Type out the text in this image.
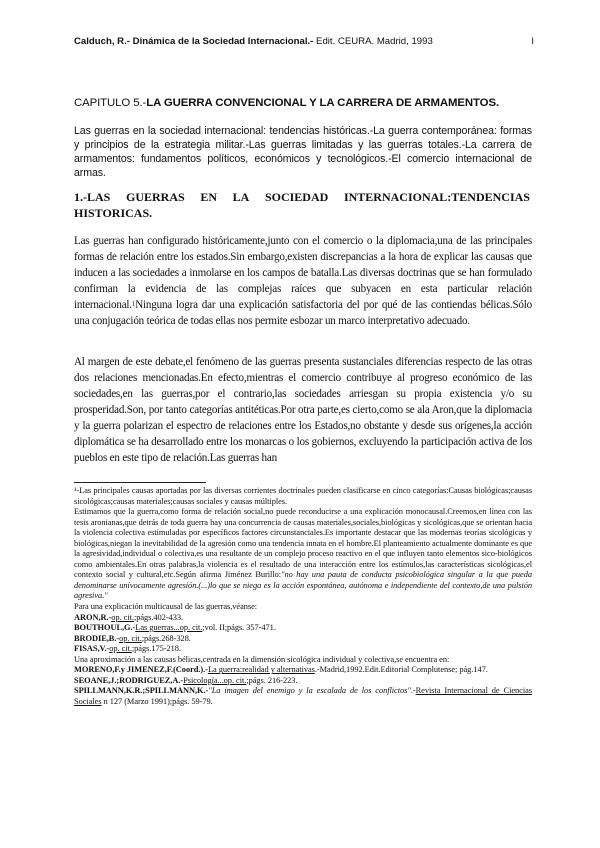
Calduch, R.- Dinámica de la Sociedad Internacional.- Edit. CEURA. Madrid, 1993	I
CAPITULO 5.-LA GUERRA CONVENCIONAL Y LA CARRERA DE ARMAMENTOS.
Las guerras en la sociedad internacional: tendencias históricas.-La guerra contemporánea: formas y principios de la estrategia militar.-Las guerras limitadas y las guerras totales.-La carrera de armamentos: fundamentos políticos, económicos y tecnológicos.-El comercio internacional de armas.
1.-LAS GUERRAS EN LA SOCIEDAD INTERNACIONAL:TENDENCIAS
HISTORICAS.
Las guerras han configurado históricamente,junto con el comercio o la diplomacia,una de las principales formas de relación entre los estados.Sin embargo,existen discrepancias a la hora de explicar las causas que inducen a las sociedades a inmolarse en los campos de batalla.Las diversas doctrinas que se han formulado confirman la evidencia de las complejas raíces que subyacen en esta particular relación internacional.$^1$Ninguna logra dar una explicación satisfactoria del por qué de las contiendas bélicas.Sólo una conjugación teórica de todas ellas nos permite esbozar un marco interpretativo adecuado.
Al margen de este debate,el fenómeno de las guerras presenta sustanciales diferencias respecto de las otras dos relaciones mencionadas.En efecto,mientras el comercio contribuye al progreso económico de las sociedades,en las guerras,por el contrario,las sociedades arriesgan su propia existencia y/o su prosperidad.Son, por tanto categorías antitéticas.Por otra parte,es cierto,como se ala Aron,que la diplomacia y la guerra polarizan el espectro de relaciones entre los Estados,no obstante y desde sus orígenes,la acción diplomática se ha desarrollado entre los monarcas o los gobiernos, excluyendo la participación activa de los pueblos en este tipo de relación.Las guerras han

¹-Las principales causas aportadas por las diversas corrientes doctrinales pueden clasificarse en cinco categorías:Causas biológicas;causas sicológicas;causas materiales;causas sociales y causas múltiples.

Estimamos que la guerra,como forma de relación social,no puede reconducirse a una explicación monocausal.Creemos,en línea con las tesis aronianas,que detrás de toda guerra hay una concurrencia de causas materiales,sociales,biológicas y sicológicas,que se orientan hacia la violencia colectiva estimuladas por específicos factores circunstanciales.Es importante destacar que las modernas teorías sicológicas y biológicas,niegan la inevitabilidad de la agresión como una tendencia innata en el hombre.El planteamiento actualmente dominante es que la agresividad,individual o colectiva,es una resultante de un complejo proceso reactivo en el que influyen tanto elementos sico-biológicos como ambientales.En otras palabras,la violencia es el resultado de una interacción entre los estímulos,las características sicológicas,el contexto social y cultural,etc.Según afirma Jiménez Burillo:"no hay una pauta de conducta psicobiológica singular a la que pueda denominarse unívocamente agresión.(...)lo que se niega es la acción espontánea, autónoma e independiente del contexto,de una pulsión agresiva."

Para una explicación multicausal de las guerras,véanse:

ARON,R.-op. cit.;págs.402-433.

BOUTHOUL,G.-Las guerras...op. cit.;vol. II;págs. 357-471.

BRODIE,B.-op. cit.;págs.268-328.

FISAS,V.-op. cit.;págs.175-218.

Una aproximación a las causas bélicas,centrada en la dimensión sicológica individual y colectiva,se encuentra en:

MORENO,F.y JIMENEZ,F.(Coord.).-La guerra:realidad y alternativas.-Madrid,1992.Edit.Editorial Complutense; pág.147.

SEOANE,J.;RODRIGUEZ,A.-Psicología...op. cit.;págs. 216-223.

SPILLMANN,K.R.;SPILLMANN,K.-"La imagen del enemigo y la escalada de los conflictos".-Revista Internacional de Ciencias Sociales n 127 (Marzo 1991);págs. 59-79.
